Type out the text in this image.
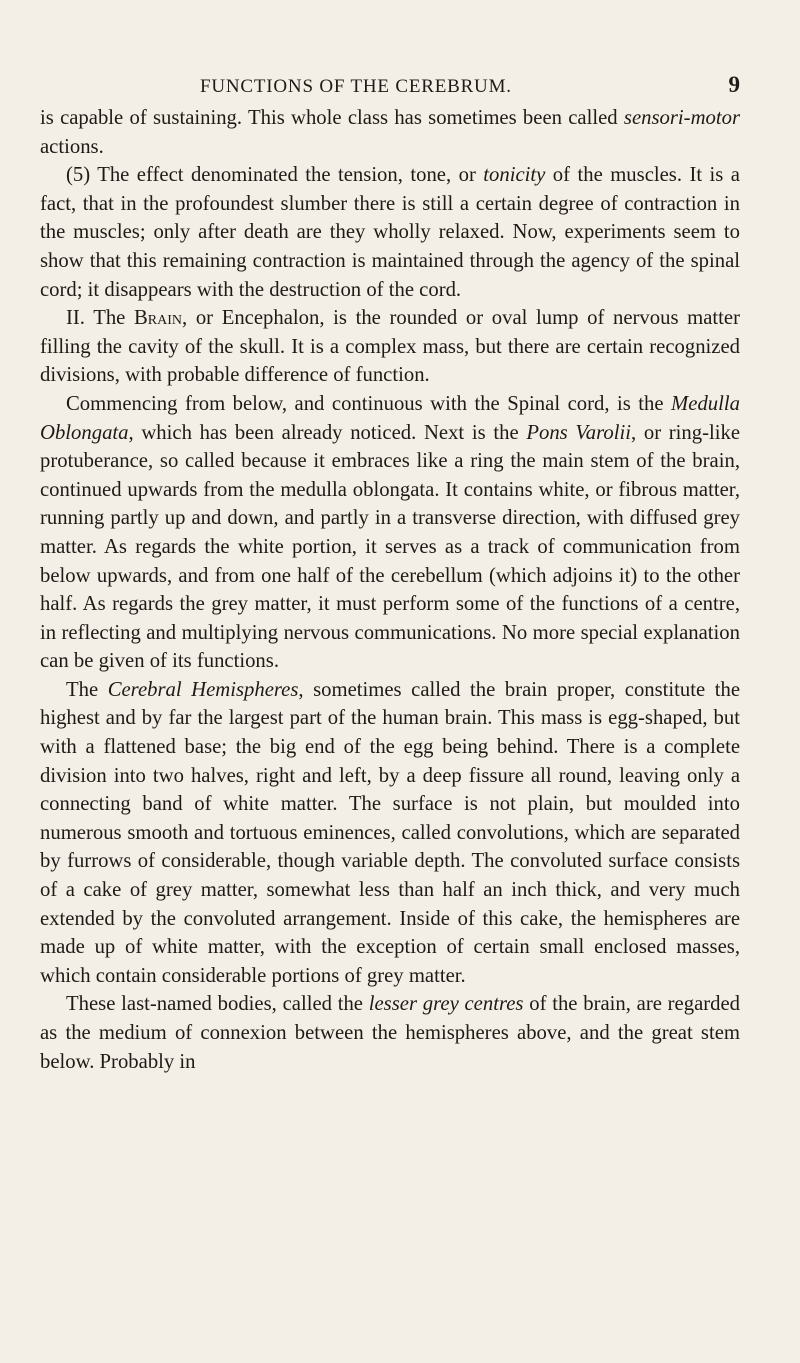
FUNCTIONS OF THE CEREBRUM.	9

is capable of sustaining. This whole class has sometimes been called sensori-motor actions.

(5) The effect denominated the tension, tone, or tonicity of the muscles. It is a fact, that in the profoundest slumber there is still a certain degree of contraction in the muscles; only after death are they wholly relaxed. Now, experiments seem to show that this remaining contraction is maintained through the agency of the spinal cord; it disappears with the destruction of the cord.

II. The Brain, or Encephalon, is the rounded or oval lump of nervous matter filling the cavity of the skull. It is a complex mass, but there are certain recognized divisions, with probable difference of function.

Commencing from below, and continuous with the Spinal cord, is the Medulla Oblongata, which has been already noticed. Next is the Pons Varolii, or ring-like protuberance, so called because it embraces like a ring the main stem of the brain, continued upwards from the medulla oblongata. It contains white, or fibrous matter, running partly up and down, and partly in a transverse direction, with diffused grey matter. As regards the white portion, it serves as a track of communication from below upwards, and from one half of the cerebellum (which adjoins it) to the other half. As regards the grey matter, it must perform some of the functions of a centre, in reflecting and multiplying nervous communications. No more special explanation can be given of its functions.

The Cerebral Hemispheres, sometimes called the brain proper, constitute the highest and by far the largest part of the human brain. This mass is egg-shaped, but with a flattened base; the big end of the egg being behind. There is a complete division into two halves, right and left, by a deep fissure all round, leaving only a connecting band of white matter. The surface is not plain, but moulded into numerous smooth and tortuous eminences, called convolutions, which are separated by furrows of considerable, though variable depth. The convoluted surface consists of a cake of grey matter, somewhat less than half an inch thick, and very much extended by the convoluted arrangement. Inside of this cake, the hemispheres are made up of white matter, with the exception of certain small enclosed masses, which contain considerable portions of grey matter.

These last-named bodies, called the lesser grey centres of the brain, are regarded as the medium of connexion between the hemispheres above, and the great stem below. Probably in
